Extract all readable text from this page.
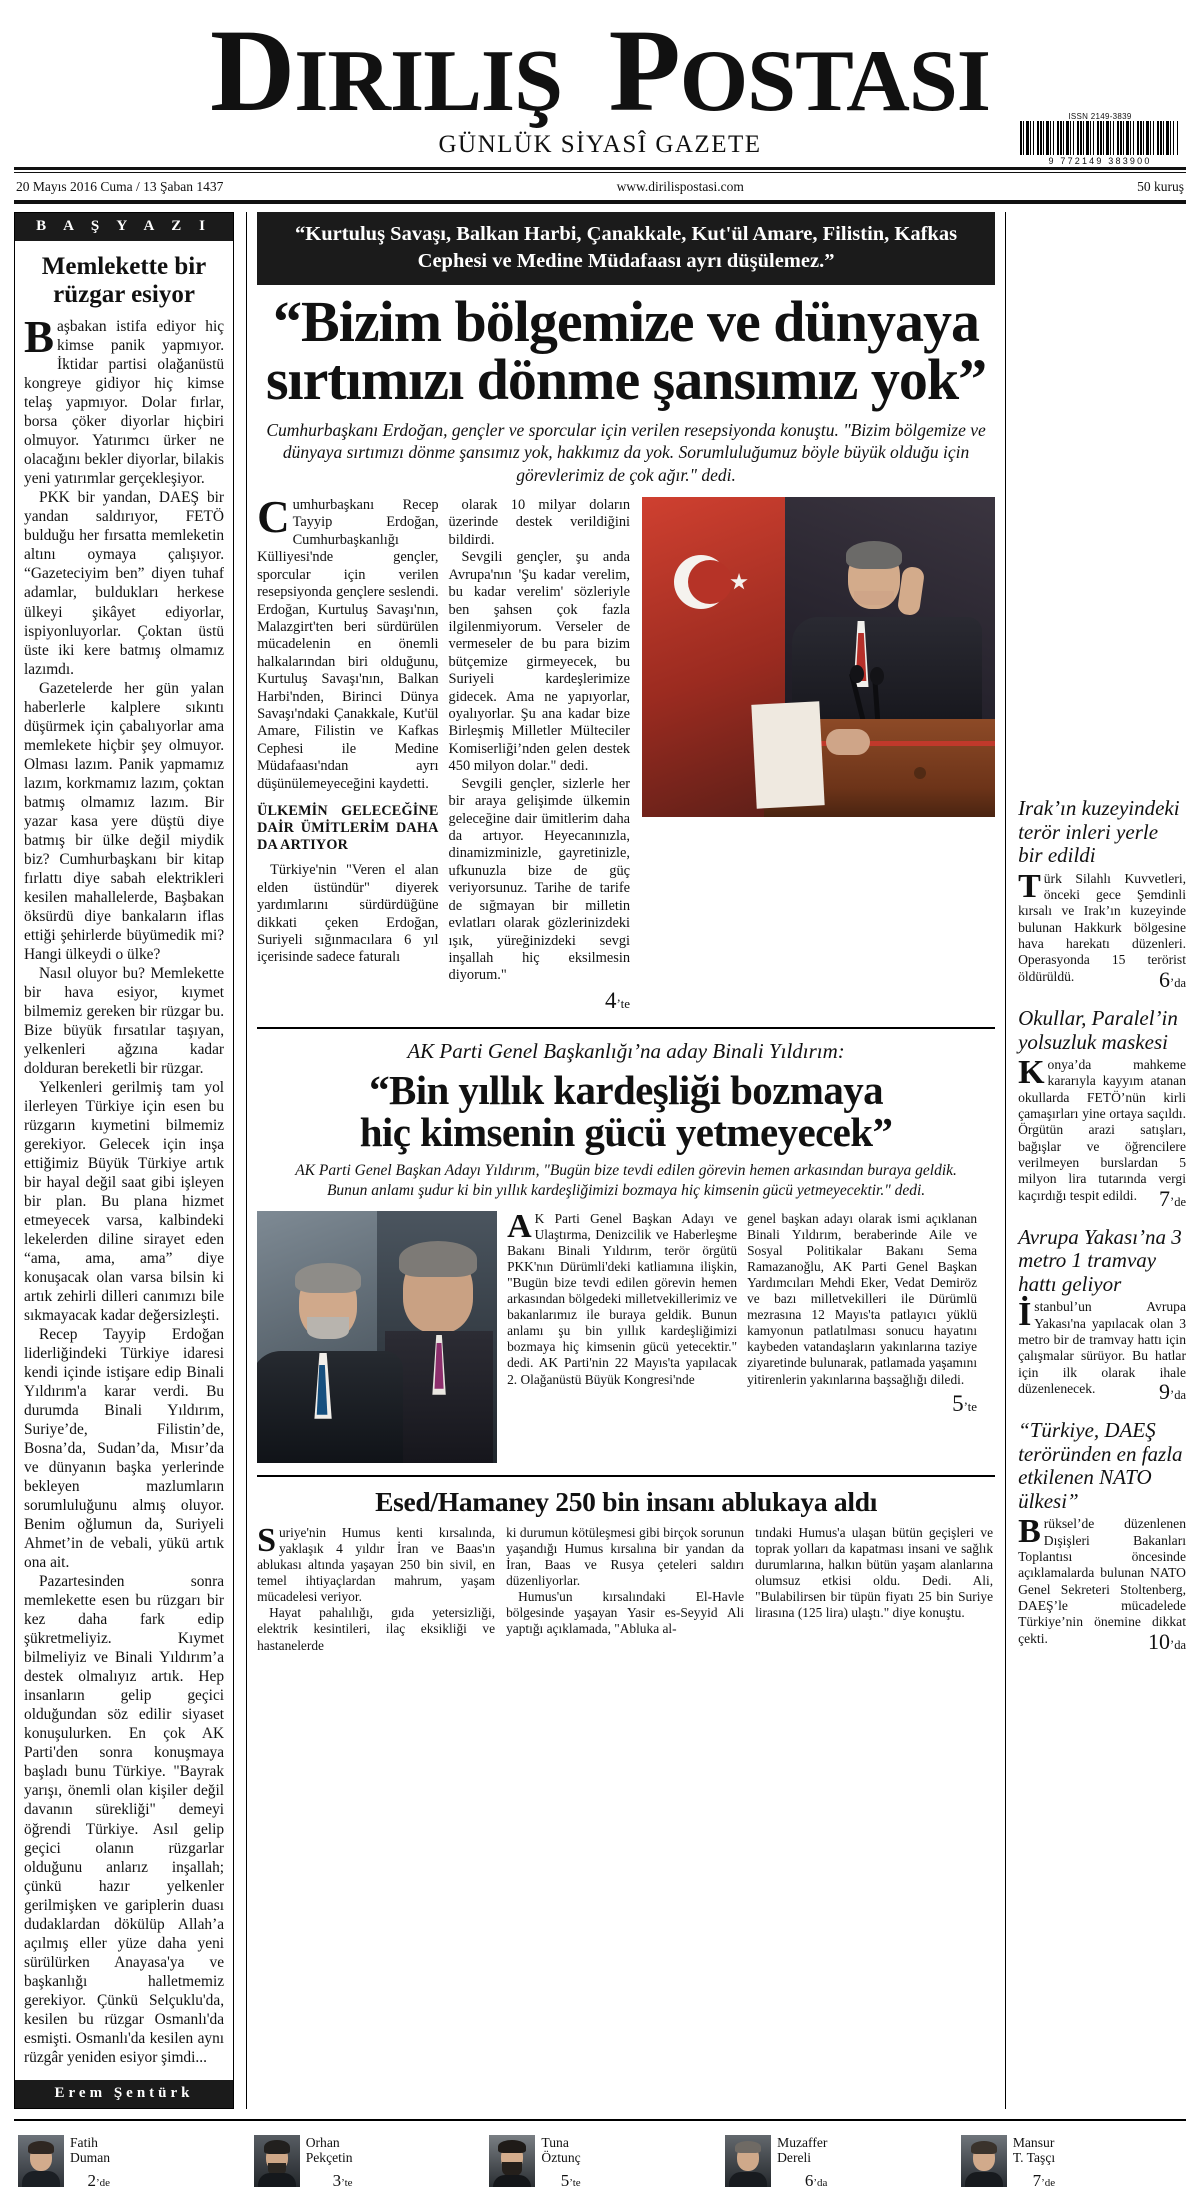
DIRILIŞ POSTASI
GÜNLÜK SİYASÎ GAZETE
ISSN 2149-3839
9 772149 383900
20 Mayıs 2016 Cuma / 13 Şaban 1437	www.dirilispostasi.com	50 kuruş
B A Ş Y A Z I
Memlekette bir rüzgar esiyor

Başbakan istifa ediyor hiç kimse panik yapmıyor. İktidar partisi olağanüstü kongreye gidiyor hiç kimse telaş yapmıyor. Dolar fırlar, borsa çöker diyorlar hiçbiri olmuyor. Yatırımcı ürker ne olacağını bekler diyorlar, bilakis yeni yatırımlar gerçekleşiyor.

PKK bir yandan, DAEŞ bir yandan saldırıyor, FETÖ bulduğu her fırsatta memleketin altını oymaya çalışıyor. “Gazeteciyim ben” diyen tuhaf adamlar, buldukları herkese ülkeyi şikâyet ediyorlar, ispiyonluyorlar. Çoktan üstü üste iki kere batmış olmamız lazımdı.

Gazetelerde her gün yalan haberlerle kalplere sıkıntı düşürmek için çabalıyorlar ama memlekete hiçbir şey olmuyor. Olması lazım. Panik yapmamız lazım, korkmamız lazım, çoktan batmış olmamız lazım. Bir yazar kasa yere düştü diye batmış bir ülke değil miydik biz? Cumhurbaşkanı bir kitap fırlattı diye sabah elektrikleri kesilen mahallelerde, Başbakan öksürdü diye bankaların iflas ettiği şehirlerde büyümedik mi? Hangi ülkeydi o ülke?

Nasıl oluyor bu? Memlekette bir hava esiyor, kıymet bilmemiz gereken bir rüzgar bu. Bize büyük fırsatılar taşıyan, yelkenleri ağzına kadar dolduran bereketli bir rüzgar.

Yelkenleri gerilmiş tam yol ilerleyen Türkiye için esen bu rüzgarın kıymetini bilmemiz gerekiyor. Gelecek için inşa ettiğimiz Büyük Türkiye artık bir hayal değil saat gibi işleyen bir plan. Bu plana hizmet etmeyecek varsa, kalbindeki lekelerden diline sirayet eden “ama, ama, ama” diye konuşacak olan varsa bilsin ki artık zehirli dilleri canımızı bile sıkmayacak kadar değersizleşti.

Recep Tayyip Erdoğan liderliğindeki Türkiye idaresi kendi içinde istişare edip Binali Yıldırım'a karar verdi. Bu durumda Binali Yıldırım, Suriye’de, Filistin’de, Bosna’da, Sudan’da, Mısır’da ve dünyanın başka yerlerinde bekleyen mazlumların sorumluluğunu almış oluyor. Benim oğlumun da, Suriyeli Ahmet’in de vebali, yükü artık ona ait.

Pazartesinden sonra memlekette esen bu rüzgarı bir kez daha fark edip şükretmeliyiz. Kıymet bilmeliyiz ve Binali Yıldırım’a destek olmalıyız artık. Hep insanların gelip geçici olduğundan söz edilir siyaset konuşulurken. En çok AK Parti'den sonra konuşmaya başladı bunu Türkiye. "Bayrak yarışı, önemli olan kişiler değil davanın sürekliği" demeyi öğrendi Türkiye. Asıl gelip geçici olanın rüzgarlar olduğunu anlarız inşallah; çünkü hazır yelkenler gerilmişken ve gariplerin duası dudaklardan dökülüp Allah’a açılmış eller yüze daha yeni sürülürken Anayasa'ya ve başkanlığı halletmemiz gerekiyor. Çünkü Selçuklu'da, kesilen bu rüzgar Osmanlı'da esmişti. Osmanlı'da kesilen aynı rüzgâr yeniden esiyor şimdi...

Erem Şentürk
“Kurtuluş Savaşı, Balkan Harbi, Çanakkale, Kut'ül Amare, Filistin, Kafkas Cephesi ve Medine Müdafaası ayrı düşülemez.”
“Bizim bölgemize ve dünyaya
sırtımızı dönme şansımız yok”
Cumhurbaşkanı Erdoğan, gençler ve sporcular için verilen resepsiyonda konuştu. "Bizim bölgemize ve dünyaya sırtımızı dönme şansımız yok, hakkımız da yok. Sorumluluğumuz böyle büyük olduğu için görevlerimiz de çok ağır." dedi.

Cumhurbaşkanı Recep Tayyip Erdoğan, Cumhurbaşkanlığı Külliyesi'nde gençler, sporcular için verilen resepsiyonda gençlere seslendi. Erdoğan, Kurtuluş Savaşı'nın, Malazgirt'ten beri sürdürülen mücadelenin en önemli halkalarından biri olduğunu, Kurtuluş Savaşı'nın, Balkan Harbi'nden, Birinci Dünya Savaşı'ndaki Çanakkale, Kut'ül Amare, Filistin ve Kafkas Cephesi ile Medine Müdafaası'ndan ayrı düşünülemeyeceğini kaydetti.

ÜLKEMİN GELECEĞİNE DAİR ÜMİTLERİM DAHA DA ARTIYOR

Türkiye'nin "Veren el alan elden üstündür" diyerek yardımlarını sürdürdüğüne dikkati çeken Erdoğan, Suriyeli sığınmacılara 6 yıl içerisinde sadece faturalı

olarak 10 milyar doların üzerinde destek verildiğini bildirdi.

Sevgili gençler, şu anda Avrupa'nın 'Şu kadar verelim, bu kadar verelim' sözleriyle ben şahsen çok fazla ilgilenmiyorum. Verseler de vermeseler de bu para bizim bütçemize girmeyecek, bu Suriyeli kardeşlerimize gidecek. Ama ne yapıyorlar, oyalıyorlar. Şu ana kadar bize Birleşmiş Milletler Mülteciler Komiserliği’nden gelen destek 450 milyon dolar." dedi.

Sevgili gençler, sizlerle her bir araya gelişimde ülkemin geleceğine dair ümitlerim daha da artıyor. Heyecanınızla, dinamizminizle, gayretinizle, ufkunuzla bize de güç veriyorsunuz. Tarihe de tarife de sığmayan bir milletin evlatları olarak gözlerinizdeki ışık, yüreğinizdeki sevgi inşallah hiç eksilmesin diyorum."

4’te
AK Parti Genel Başkanlığı’na aday Binali Yıldırım:
“Bin yıllık kardeşliği bozmaya
hiç kimsenin gücü yetmeyecek”
AK Parti Genel Başkan Adayı Yıldırım, "Bugün bize tevdi edilen görevin hemen arkasından buraya geldik. Bunun anlamı şudur ki bin yıllık kardeşliğimizi bozmaya hiç kimsenin gücü yetmeyecektir." dedi.

AK Parti Genel Başkan Adayı ve Ulaştırma, Denizcilik ve Haberleşme Bakanı Binali Yıldırım, terör örgütü PKK'nın Dürümli'deki katliamına ilişkin, "Bugün bize tevdi edilen görevin hemen arkasından bölgedeki milletvekillerimiz ve bakanlarımız ile buraya geldik. Bunun anlamı şu bin yıllık kardeşliğimizi bozmaya hiç kimsenin gücü yetecektir." dedi. AK Parti'nin 22 Mayıs'ta yapılacak 2. Olağanüstü Büyük Kongresi'nde

genel başkan adayı olarak ismi açıklanan Binali Yıldırım, beraberinde Aile ve Sosyal Politikalar Bakanı Sema Ramazanoğlu, AK Parti Genel Başkan Yardımcıları Mehdi Eker, Vedat Demiröz ve bazı milletvekilleri ile Dürümlü mezrasına 12 Mayıs'ta patlayıcı yüklü kamyonun patlatılması sonucu hayatını kaybeden vatandaşların yakınlarına taziye ziyaretinde bulunarak, patlamada yaşamını yitirenlerin yakınlarına başsağlığı diledi.

5’te
Esed/Hamaney 250 bin insanı ablukaya aldı

Suriye'nin Humus kenti kırsalında, yaklaşık 4 yıldır İran ve Baas'ın ablukası altında yaşayan 250 bin sivil, en temel ihtiyaçlardan mahrum, yaşam mücadelesi veriyor.

Hayat pahalılığı, gıda yetersizliği, elektrik kesintileri, ilaç eksikliği ve hastanelerde

ki durumun kötüleşmesi gibi birçok sorunun yaşandığı Humus kırsalına bir yandan da İran, Baas ve Rusya çeteleri saldırı düzenliyorlar.

Humus'un kırsalındaki El-Havle bölgesinde yaşayan Yasir es-Seyyid Ali yaptığı açıklamada, "Abluka al-

tındaki Humus'a ulaşan bütün geçişleri ve toprak yolları da kapatması insani ve sağlık durumlarına, halkın bütün yaşam alanlarına olumsuz etkisi oldu. Dedi. Ali, "Bulabilirsen bir tüpün fiyatı 25 bin Suriye lirasına (125 lira) ulaştı." diye konuştu.

Irak’ın kuzeyindeki terör inleri yerle bir edildi

Türk Silahlı Kuvvetleri, önceki gece Şemdinli kırsalı ve Irak’ın kuzeyinde bulunan Hakkurk bölgesine hava harekatı düzenleri. Operasyonda 15 terörist öldürüldü.	6’da
Okullar, Paralel’in yolsuzluk maskesi

Konya’da mahkeme kararıyla kayyım atanan okullarda FETÖ’nün kirli çamaşırları yine ortaya saçıldı. Örgütün arazi satışları, bağışlar ve öğrencilere verilmeyen burslardan 5 milyon lira tutarında vergi kaçırdığı tespit edildi.	7’de
Avrupa Yakası’na 3 metro 1 tramvay hattı geliyor

İstanbul’un Avrupa Yakası'na yapılacak olan 3 metro bir de tramvay hattı için çalışmalar sürüyor. Bu hatlar için ilk olarak ihale düzenlenecek.	9’da
“Türkiye, DAEŞ teröründen en fazla etkilenen NATO ülkesi”

Brüksel’de düzenlenen Dışişleri Bakanları Toplantısı öncesinde açıklamalarda bulunan NATO Genel Sekreteri Stoltenberg, DAEŞ’le mücadelede Türkiye’nin önemine dikkat çekti.	10’da
Fatih
Duman
2’de
Orhan
Pekçetin
3’te
Tuna
Öztunç
5’te
Muzaffer
Dereli
6’da
Mansur
T. Taşçı
7’de
